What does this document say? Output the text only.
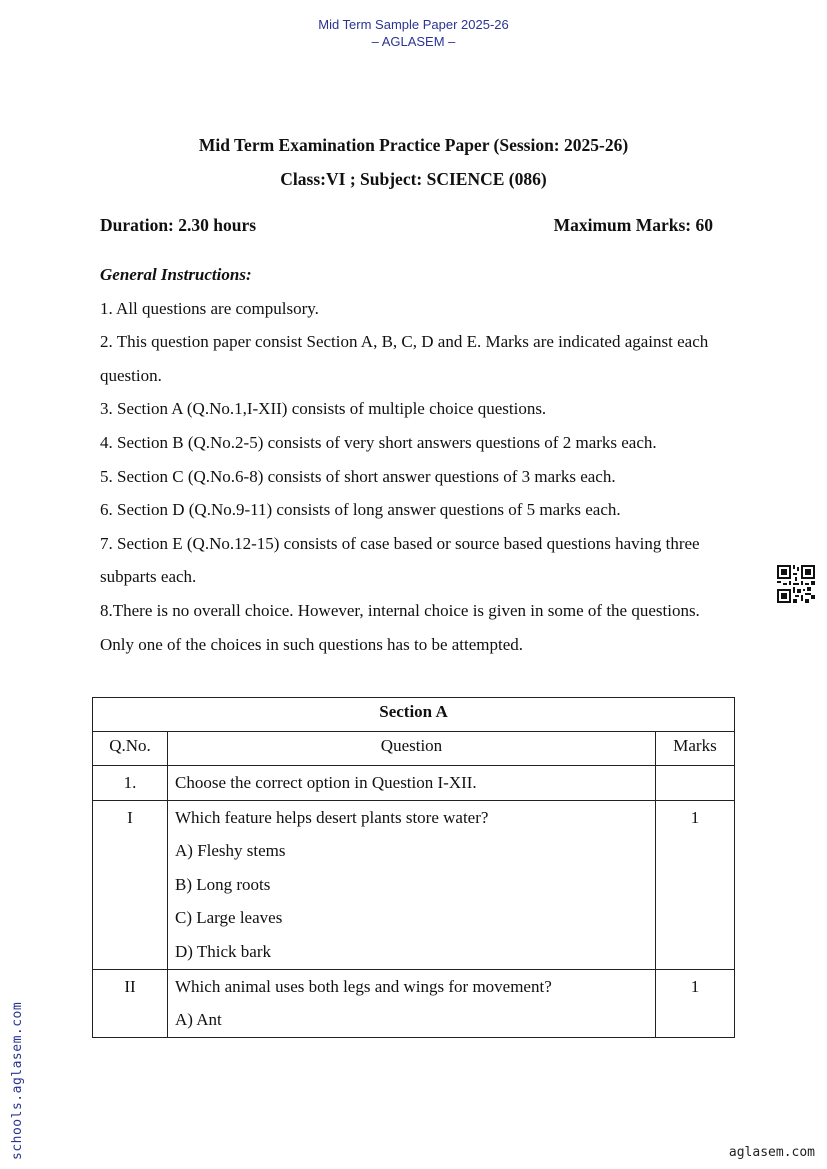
Mid Term Sample Paper 2025-26
– AGLASEM –
Mid Term Examination Practice Paper (Session: 2025-26)
Class:VI ; Subject: SCIENCE (086)
Duration: 2.30 hours	Maximum Marks: 60

General Instructions:

1. All questions are compulsory.

2. This question paper consist Section A, B, C, D and E. Marks are indicated against each question.

3. Section A (Q.No.1,I-XII) consists of multiple choice questions.

4. Section B (Q.No.2-5) consists of very short answers questions of 2 marks each.

5. Section C (Q.No.6-8) consists of short answer questions of 3 marks each.

6. Section D (Q.No.9-11) consists of long answer questions of 5 marks each.

7. Section E (Q.No.12-15) consists of case based or source based questions having three subparts each.

8.There is no overall choice. However, internal choice is given in some of the questions. Only one of the choices in such questions has to be attempted.

Section A		
Q.No.	Question	Marks
1.	Choose the correct option in Question I-XII.	
I	Which feature helps desert plants store water?
A) Fleshy stems
B) Long roots
C) Large leaves
D) Thick bark	1
II	Which animal uses both legs and wings for movement?
A) Ant	1
schools.aglasem.com	aglasem.com
